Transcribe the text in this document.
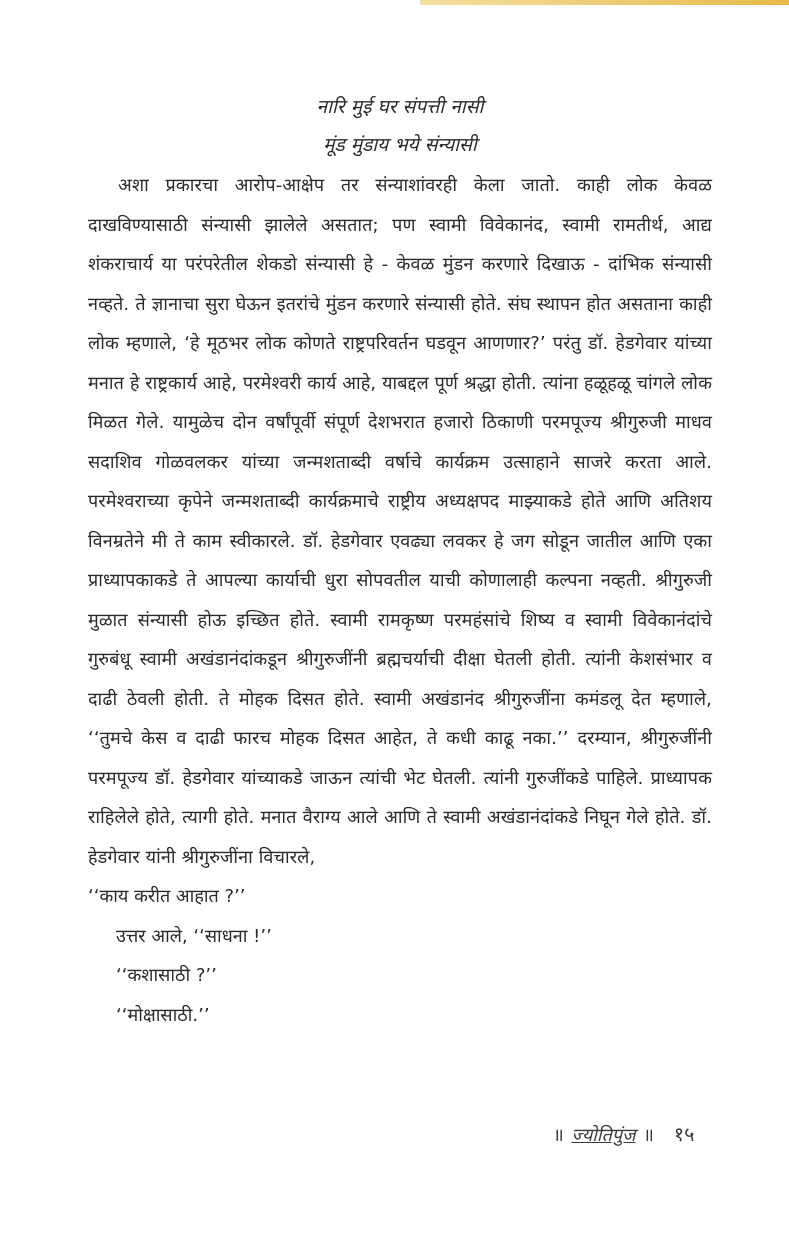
नारि मुई घर संपत्ती नासी
मूंड मुंडाय भये संन्यासी

अशा प्रकारचा आरोप-आक्षेप तर संन्याशांवरही केला जातो. काही लोक केवळ दाखविण्यासाठी संन्यासी झालेले असतात; पण स्वामी विवेकानंद, स्वामी रामतीर्थ, आद्य शंकराचार्य या परंपरेतील शेकडो संन्यासी हे - केवळ मुंडन करणारे दिखाऊ - दांभिक संन्यासी नव्हते. ते ज्ञानाचा सुरा घेऊन इतरांचे मुंडन करणारे संन्यासी होते. संघ स्थापन होत असताना काही लोक म्हणाले, ‘हे मूठभर लोक कोणते राष्ट्रपरिवर्तन घडवून आणणार?’ परंतु डॉ. हेडगेवार यांच्या मनात हे राष्ट्रकार्य आहे, परमेश्वरी कार्य आहे, याबद्दल पूर्ण श्रद्धा होती. त्यांना हळूहळू चांगले लोक मिळत गेले. यामुळेच दोन वर्षांपूर्वी संपूर्ण देशभरात हजारो ठिकाणी परमपूज्य श्रीगुरुजी माधव सदाशिव गोळवलकर यांच्या जन्मशताब्दी वर्षाचे कार्यक्रम उत्साहाने साजरे करता आले. परमेश्वराच्या कृपेने जन्मशताब्दी कार्यक्रमाचे राष्ट्रीय अध्यक्षपद माझ्याकडे होते आणि अतिशय विनम्रतेने मी ते काम स्वीकारले. डॉ. हेडगेवार एवढ्या लवकर हे जग सोडून जातील आणि एका प्राध्यापकाकडे ते आपल्या कार्याची धुरा सोपवतील याची कोणालाही कल्पना नव्हती. श्रीगुरुजी मुळात संन्यासी होऊ इच्छित होते. स्वामी रामकृष्ण परमहंसांचे शिष्य व स्वामी विवेकानंदांचे गुरुबंधू स्वामी अखंडानंदांकडून श्रीगुरुजींनी ब्रह्मचर्याची दीक्षा घेतली होती. त्यांनी केशसंभार व दाढी ठेवली होती. ते मोहक दिसत होते. स्वामी अखंडानंद श्रीगुरुजींना कमंडलू देत म्हणाले, ‘‘तुमचे केस व दाढी फारच मोहक दिसत आहेत, ते कधी काढू नका.’’ दरम्यान, श्रीगुरुजींनी परमपूज्य डॉ. हेडगेवार यांच्याकडे जाऊन त्यांची भेट घेतली. त्यांनी गुरुजींकडे पाहिले. प्राध्यापक राहिलेले होते, त्यागी होते. मनात वैराग्य आले आणि ते स्वामी अखंडानंदांकडे निघून गेले होते. डॉ. हेडगेवार यांनी श्रीगुरुजींना विचारले,

‘‘काय करीत आहात ?’’
उत्तर आले, ‘‘साधना !’’
‘‘कशासाठी ?’’
‘‘मोक्षासाठी.’’
॥ ज्योतिपुंज ॥ १५
